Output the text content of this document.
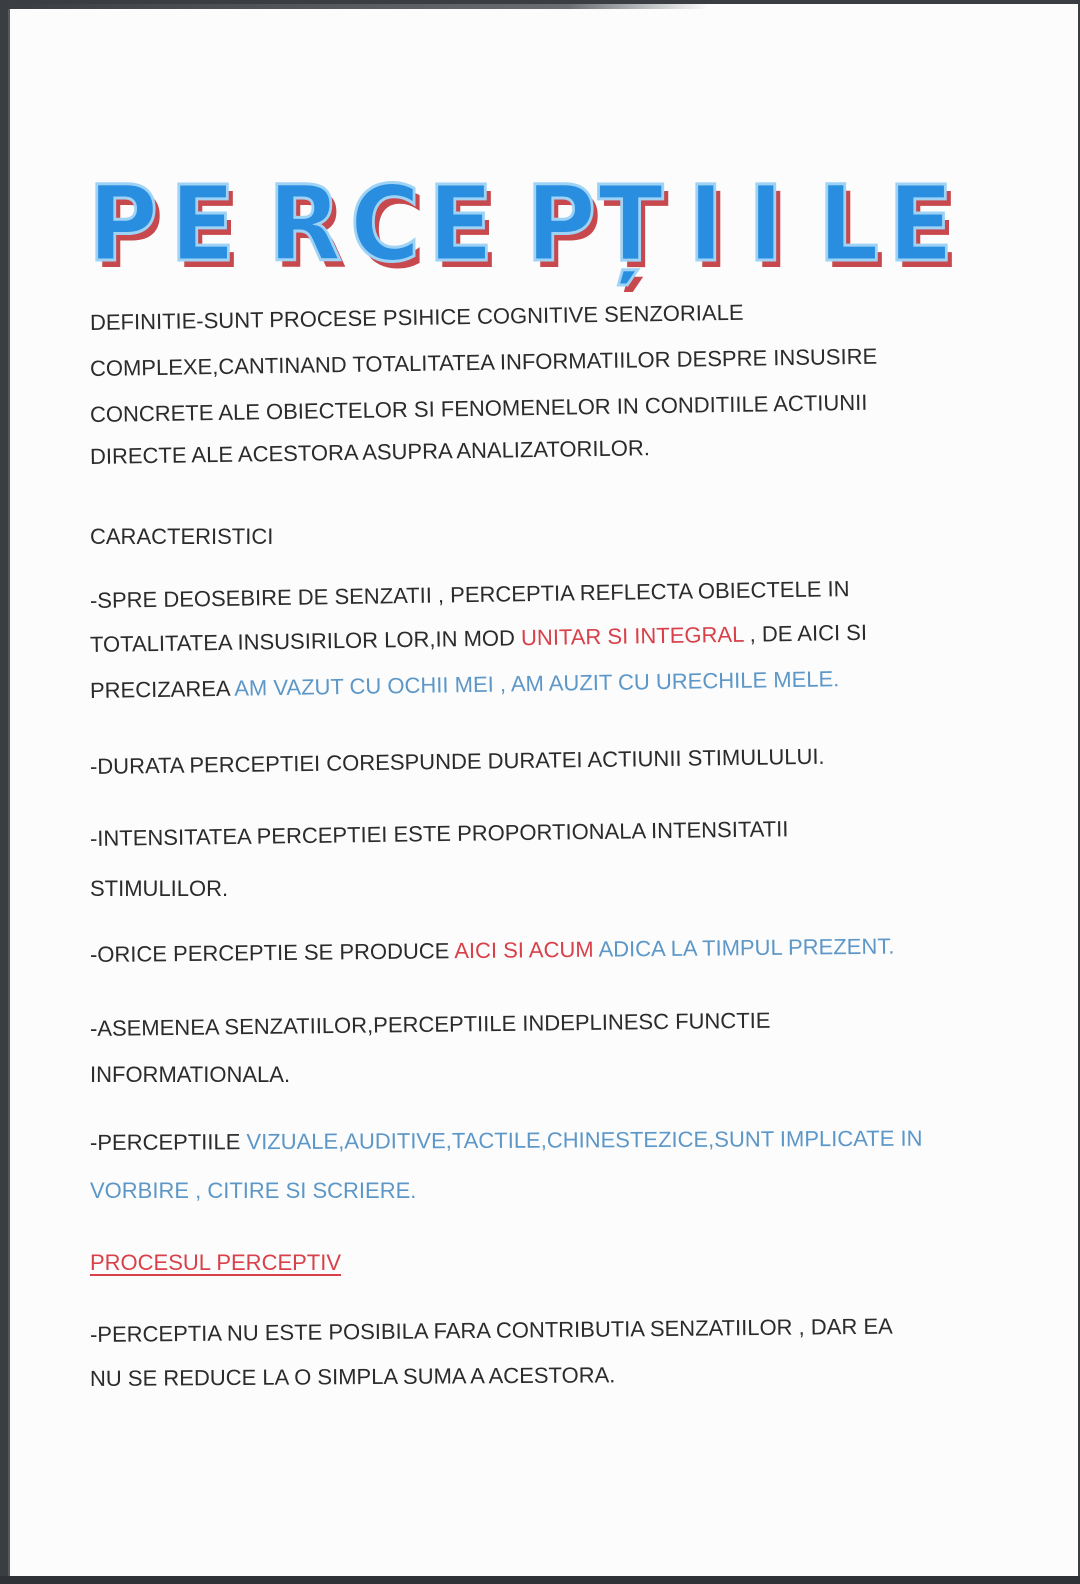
P E R C E P Ț I I L E
DEFINITIE-SUNT PROCESE PSIHICE COGNITIVE SENZORIALE
COMPLEXE,CANTINAND TOTALITATEA INFORMATIILOR DESPRE INSUSIRE
CONCRETE ALE OBIECTELOR SI FENOMENELOR IN CONDITIILE ACTIUNII
DIRECTE ALE ACESTORA ASUPRA ANALIZATORILOR.
CARACTERISTICI
-SPRE DEOSEBIRE DE SENZATII , PERCEPTIA REFLECTA OBIECTELE IN
TOTALITATEA INSUSIRILOR LOR,IN MOD UNITAR SI INTEGRAL , DE AICI SI
PRECIZAREA AM VAZUT CU OCHII MEI , AM AUZIT CU URECHILE MELE.
-DURATA PERCEPTIEI CORESPUNDE DURATEI ACTIUNII STIMULULUI.
-INTENSITATEA PERCEPTIEI ESTE PROPORTIONALA INTENSITATII
STIMULILOR.
-ORICE PERCEPTIE SE PRODUCE AICI SI ACUM ADICA LA TIMPUL PREZENT.
-ASEMENEA SENZATIILOR,PERCEPTIILE INDEPLINESC FUNCTIE
INFORMATIONALA.
-PERCEPTIILE VIZUALE,AUDITIVE,TACTILE,CHINESTEZICE,SUNT IMPLICATE IN
VORBIRE , CITIRE SI SCRIERE.
PROCESUL PERCEPTIV
-PERCEPTIA NU ESTE POSIBILA FARA CONTRIBUTIA SENZATIILOR , DAR EA
NU SE REDUCE LA O SIMPLA SUMA A ACESTORA.
